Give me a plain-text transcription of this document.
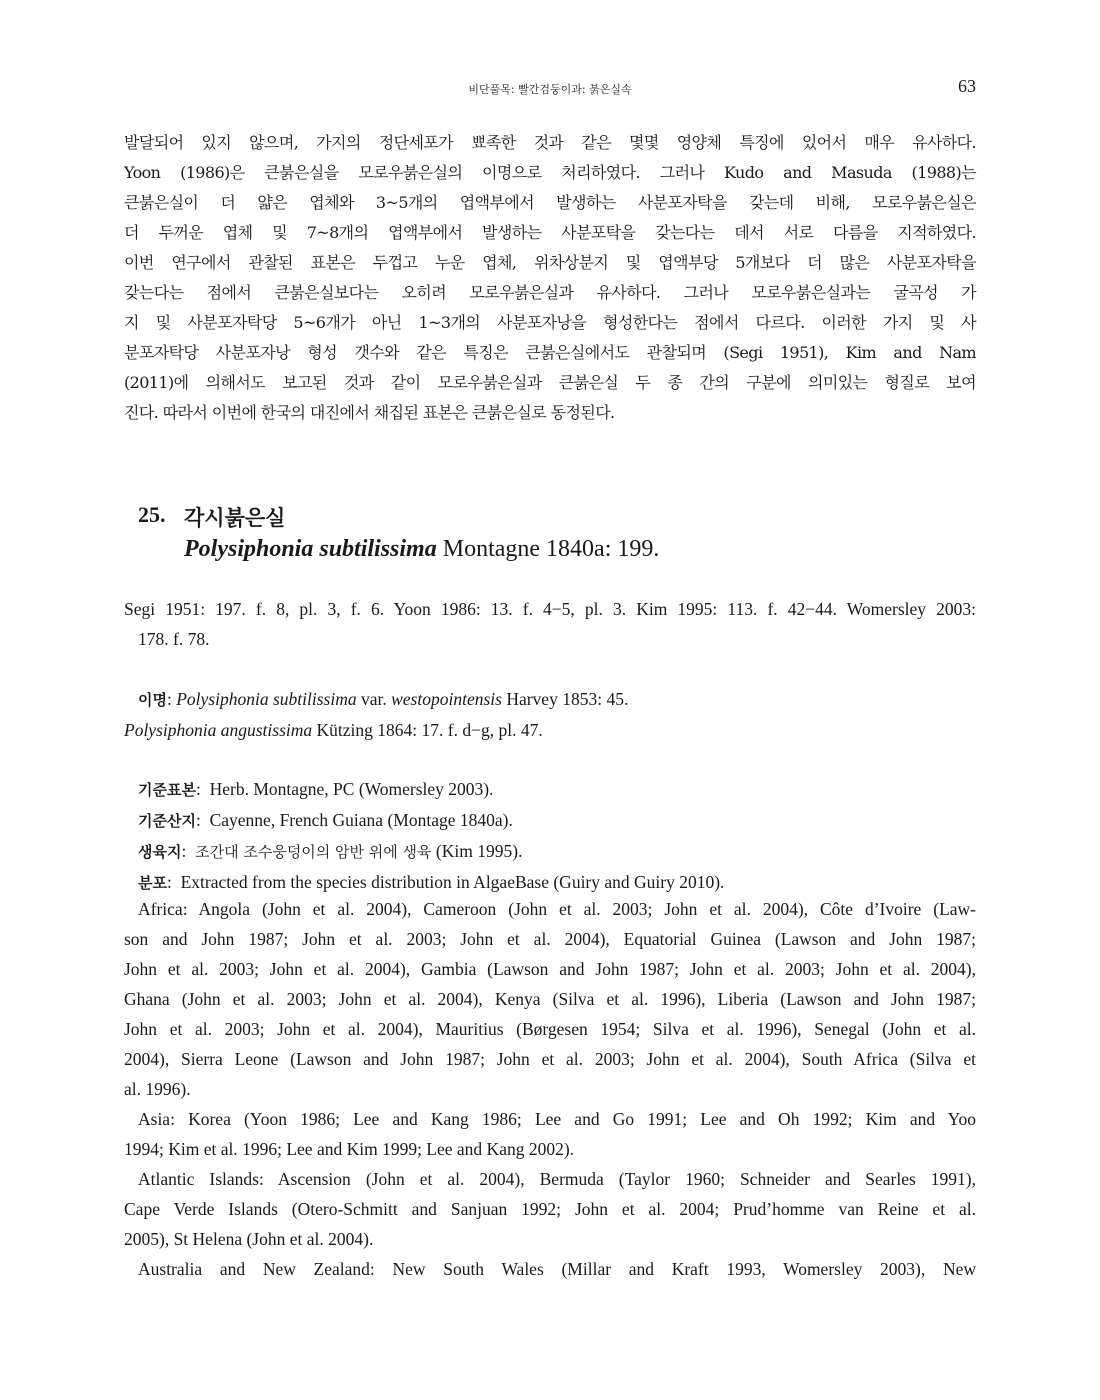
비단풀목: 빨간검둥이과: 붉은실속	63
발달되어 있지 않으며, 가지의 정단세포가 뾰족한 것과 같은 몇몇 영양체 특징에 있어서 매우 유사하다.
Yoon (1986)은 큰붉은실을 모로우붉은실의 이명으로 처리하였다. 그러나 Kudo and Masuda (1988)는
큰붉은실이 더 얇은 엽체와 3~5개의 엽액부에서 발생하는 사분포자탁을 갖는데 비해, 모로우붉은실은
더 두꺼운 엽체 및 7~8개의 엽액부에서 발생하는 사분포탁을 갖는다는 데서 서로 다름을 지적하였다.
이번 연구에서 관찰된 표본은 두껍고 누운 엽체, 위차상분지 및 엽액부당 5개보다 더 많은 사분포자탁을
갖는다는 점에서 큰붉은실보다는 오히려 모로우붉은실과 유사하다. 그러나 모로우붉은실과는 굴곡성 가
지 및 사분포자탁당 5~6개가 아닌 1~3개의 사분포자낭을 형성한다는 점에서 다르다. 이러한 가지 및 사
분포자탁당 사분포자낭 형성 갯수와 같은 특징은 큰붉은실에서도 관찰되며 (Segi 1951), Kim and Nam
(2011)에 의해서도 보고된 것과 같이 모로우붉은실과 큰붉은실 두 종 간의 구분에 의미있는 형질로 보여
진다. 따라서 이번에 한국의 대진에서 채집된 표본은 큰붉은실로 동정된다.
25. 각시붉은실
Polysiphonia subtilissima Montagne 1840a: 199.
Segi 1951: 197. f. 8, pl. 3, f. 6. Yoon 1986: 13. f. 4−5, pl. 3. Kim 1995: 113. f. 42−44. Womersley 2003:
178. f. 78.
이명: Polysiphonia subtilissima var. westopointensis Harvey 1853: 45.
Polysiphonia angustissima Kützing 1864: 17. f. d−g, pl. 47.
기준표본:  Herb. Montagne, PC (Womersley 2003).
기준산지:  Cayenne, French Guiana (Montage 1840a).
생육지:  조간대 조수웅덩이의 암반 위에 생육 (Kim 1995).
분포:  Extracted from the species distribution in AlgaeBase (Guiry and Guiry 2010).
Africa: Angola (John et al. 2004), Cameroon (John et al. 2003; John et al. 2004), Côte d’Ivoire (Law-
son and John 1987; John et al. 2003; John et al. 2004), Equatorial Guinea (Lawson and John 1987;
John et al. 2003; John et al. 2004), Gambia (Lawson and John 1987; John et al. 2003; John et al. 2004),
Ghana (John et al. 2003; John et al. 2004), Kenya (Silva et al. 1996), Liberia (Lawson and John 1987;
John et al. 2003; John et al. 2004), Mauritius (Børgesen 1954; Silva et al. 1996), Senegal (John et al.
2004), Sierra Leone (Lawson and John 1987; John et al. 2003; John et al. 2004), South Africa (Silva et
al. 1996).
Asia: Korea (Yoon 1986; Lee and Kang 1986; Lee and Go 1991; Lee and Oh 1992; Kim and Yoo
1994; Kim et al. 1996; Lee and Kim 1999; Lee and Kang 2002).
Atlantic Islands: Ascension (John et al. 2004), Bermuda (Taylor 1960; Schneider and Searles 1991),
Cape Verde Islands (Otero-Schmitt and Sanjuan 1992; John et al. 2004; Prud’homme van Reine et al.
2005), St Helena (John et al. 2004).
Australia and New Zealand: New South Wales (Millar and Kraft 1993, Womersley 2003), New
